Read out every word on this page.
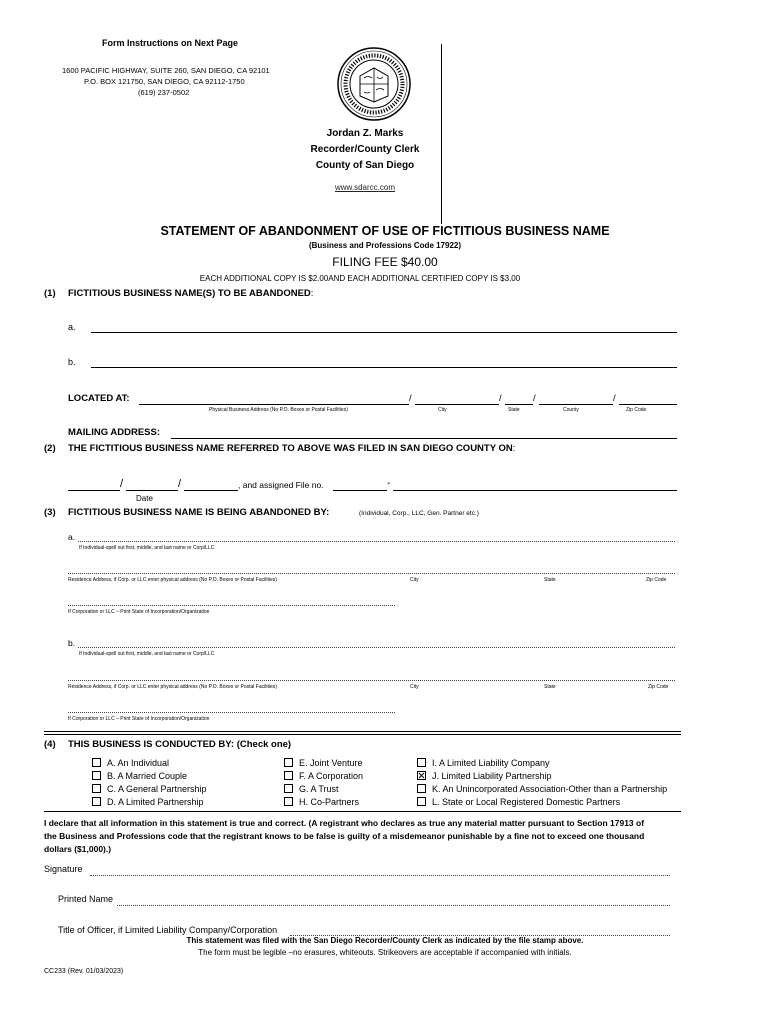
Form Instructions on Next Page
1600 PACIFIC HIGHWAY, SUITE 260, SAN DIEGO, CA 92101
P.O. BOX 121750, SAN DIEGO, CA 92112-1750
(619) 237-0502
Jordan Z. Marks
Recorder/County Clerk
County of San Diego
www.sdarcc.com
STATEMENT OF ABANDONMENT OF USE OF FICTITIOUS BUSINESS NAME
(Business and Professions Code 17922)
FILING FEE $40.00
EACH ADDITIONAL COPY IS $2.00AND EACH ADDITIONAL CERTIFIED COPY IS $3.00
(1) FICTITIOUS BUSINESS NAME(S) TO BE ABANDONED:
a.
b.
LOCATED AT:	/	/	/	/
Physical Business Address (No P.O. Boxes or Postal Facilities)	City	State	County	Zip Code
MAILING ADDRESS:
(2) THE FICTITIOUS BUSINESS NAME REFERRED TO ABOVE WAS FILED IN SAN DIEGO COUNTY ON:
/	/	, and assigned File no.	-
Date
(3) FICTITIOUS BUSINESS NAME IS BEING ABANDONED BY:	(Individual, Corp., LLC, Gen. Partner etc.)
a.
If Individual-spell out first, middle, and last name or Corp/LLC
Residence Address, if Corp. or LLC enter physical address (No P.O. Boxes or Postal Facilities)	City	State	Zip Code
If Corporation or LLC – Print State of Incorporation/Organization
b.
If Individual-spell out first, middle, and last name or Corp/LLC
Residence Address, if Corp. or LLC enter physical address (No P.O. Boxes or Postal Facilities)	City	State	Zip Code
If Corporation or LLC – Print State of Incorporation/Organization
(4) THIS BUSINESS IS CONDUCTED BY: (Check one)
A. An Individual
B. A Married Couple
C. A General Partnership
D. A Limited Partnership
E. Joint Venture
F. A Corporation
G. A Trust
H. Co-Partners
I. A Limited Liability Company
J. Limited Liability Partnership
K. An Unincorporated Association-Other than a Partnership
L. State or Local Registered Domestic Partners
I declare that all information in this statement is true and correct. (A registrant who declares as true any material matter pursuant to Section 17913 of
the Business and Professions code that the registrant knows to be false is guilty of a misdemeanor punishable by a fine not to exceed one thousand
dollars ($1,000).)
Signature
Printed Name
Title of Officer, if Limited Liability Company/Corporation
This statement was filed with the San Diego Recorder/County Clerk as indicated by the file stamp above.
The form must be legible –no erasures, whiteouts. Strikeovers are acceptable if accompanied with initials.
CC233 (Rev. 01/03/2023)
